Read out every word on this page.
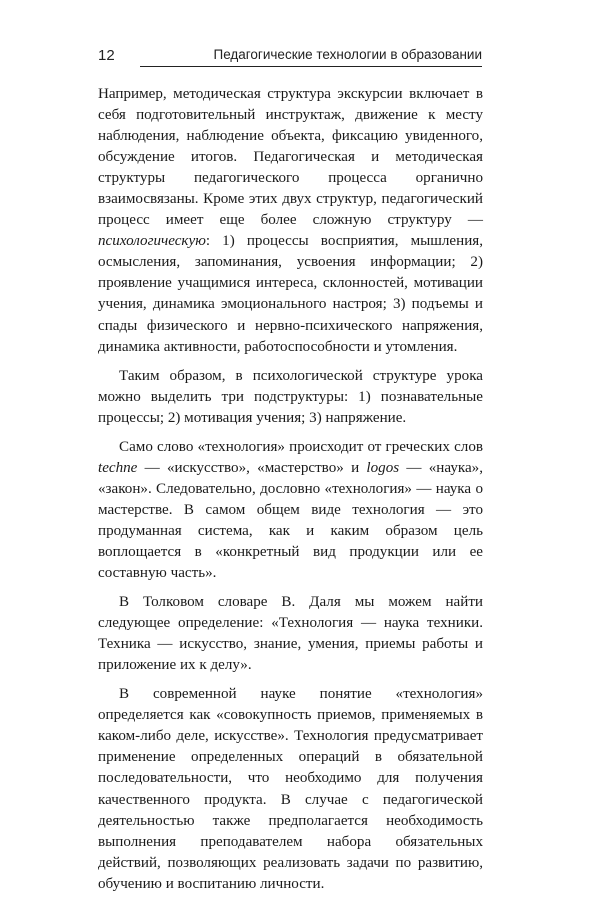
12	Педагогические технологии в образовании

Например, методическая структура экскурсии включает в себя подготовительный инструктаж, движение к месту наблюдения, наблюдение объекта, фиксацию увиденного, обсуждение итогов. Педагогическая и методическая структуры педагогического процесса органично взаимосвязаны. Кроме этих двух структур, педагогический процесс имеет еще более сложную структуру — психологическую: 1) процессы восприятия, мышления, осмысления, запоминания, усвоения информации; 2) проявление учащимися интереса, склонностей, мотивации учения, динамика эмоционального настроя; 3) подъемы и спады физического и нервно-психического напряжения, динамика активности, работоспособности и утомления.

Таким образом, в психологической структуре урока можно выделить три подструктуры: 1) познавательные процессы; 2) мотивация учения; 3) напряжение.

Само слово «технология» происходит от греческих слов techne — «искусство», «мастерство» и logos — «наука», «закон». Следовательно, дословно «технология» — наука о мастерстве. В самом общем виде технология — это продуманная система, как и каким образом цель воплощается в «конкретный вид продукции или ее составную часть».

В Толковом словаре В. Даля мы можем найти следующее определение: «Технология — наука техники. Техника — искусство, знание, умения, приемы работы и приложение их к делу».

В современной науке понятие «технология» определяется как «совокупность приемов, применяемых в каком-либо деле, искусстве». Технология предусматривает применение определенных операций в обязательной последовательности, что необходимо для получения качественного продукта. В случае с педагогической деятельностью также предполагается необходимость выполнения преподавателем набора обязательных действий, позволяющих реализовать задачи по развитию, обучению и воспитанию личности.
